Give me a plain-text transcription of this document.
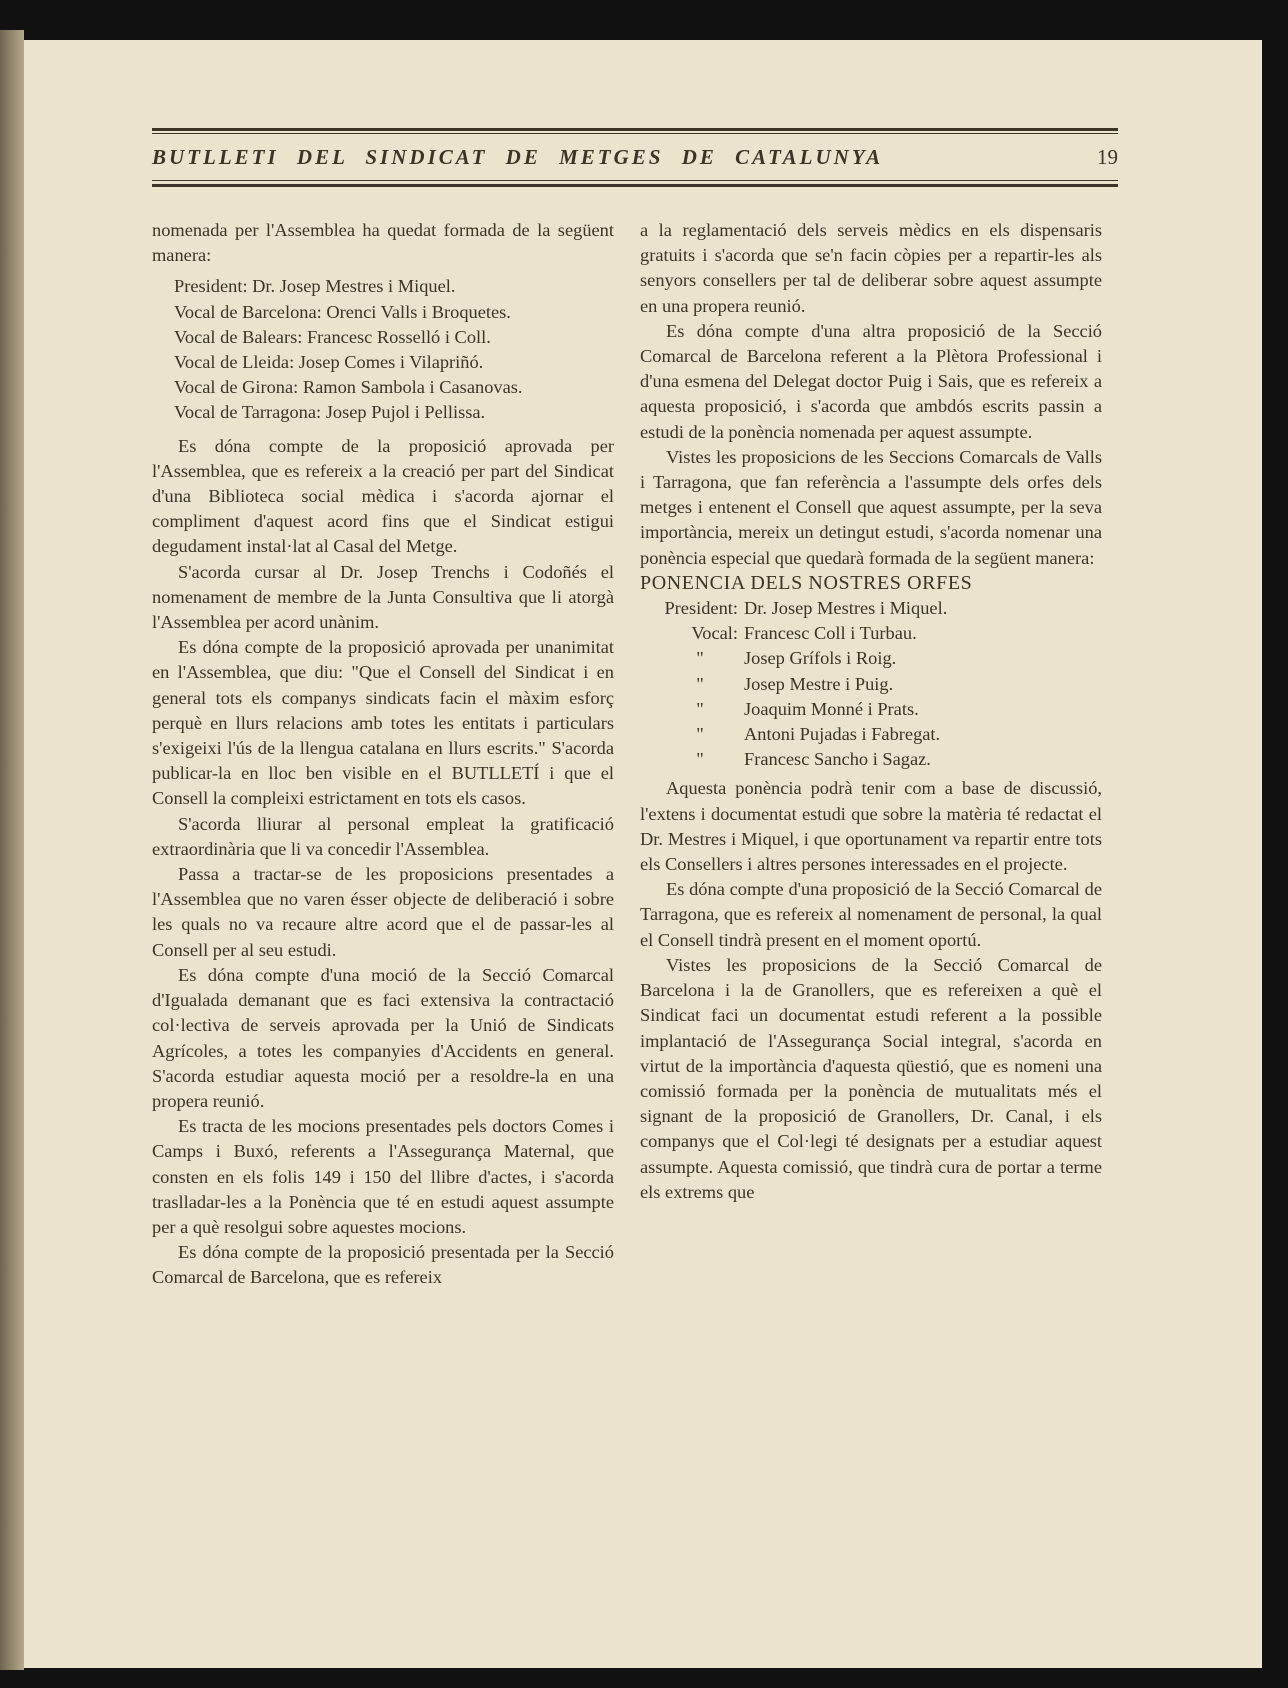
BUTLLETI DEL SINDICAT DE METGES DE CATALUNYA	19

nomenada per l'Assemblea ha quedat formada de la següent manera:

President: Dr. Josep Mestres i Miquel.
Vocal de Barcelona: Orenci Valls i Broquetes.
Vocal de Balears: Francesc Rosselló i Coll.
Vocal de Lleida: Josep Comes i Vilapriñó.
Vocal de Girona: Ramon Sambola i Casanovas.
Vocal de Tarragona: Josep Pujol i Pellissa.

Es dóna compte de la proposició aprovada per l'Assemblea, que es refereix a la creació per part del Sindicat d'una Biblioteca social mèdica i s'acorda ajornar el compliment d'aquest acord fins que el Sindicat estigui degudament instal·lat al Casal del Metge.

S'acorda cursar al Dr. Josep Trenchs i Codoñés el nomenament de membre de la Junta Consultiva que li atorgà l'Assemblea per acord unànim.

Es dóna compte de la proposició aprovada per unanimitat en l'Assemblea, que diu: "Que el Consell del Sindicat i en general tots els companys sindicats facin el màxim esforç perquè en llurs relacions amb totes les entitats i particulars s'exigeixi l'ús de la llengua catalana en llurs escrits." S'acorda publicar-la en lloc ben visible en el BUTLLETÍ i que el Consell la compleixi estrictament en tots els casos.

S'acorda lliurar al personal empleat la gratificació extraordinària que li va concedir l'Assemblea.

Passa a tractar-se de les proposicions presentades a l'Assemblea que no varen ésser objecte de deliberació i sobre les quals no va recaure altre acord que el de passar-les al Consell per al seu estudi.

Es dóna compte d'una moció de la Secció Comarcal d'Igualada demanant que es faci extensiva la contractació col·lectiva de serveis aprovada per la Unió de Sindicats Agrícoles, a totes les companyies d'Accidents en general. S'acorda estudiar aquesta moció per a resoldre-la en una propera reunió.

Es tracta de les mocions presentades pels doctors Comes i Camps i Buxó, referents a l'Assegurança Maternal, que consten en els folis 149 i 150 del llibre d'actes, i s'acorda traslladar-les a la Ponència que té en estudi aquest assumpte per a què resolgui sobre aquestes mocions.

Es dóna compte de la proposició presentada per la Secció Comarcal de Barcelona, que es refereix

a la reglamentació dels serveis mèdics en els dispensaris gratuits i s'acorda que se'n facin còpies per a repartir-les als senyors consellers per tal de deliberar sobre aquest assumpte en una propera reunió.

Es dóna compte d'una altra proposició de la Secció Comarcal de Barcelona referent a la Plètora Professional i d'una esmena del Delegat doctor Puig i Sais, que es refereix a aquesta proposició, i s'acorda que ambdós escrits passin a estudi de la ponència nomenada per aquest assumpte.

Vistes les proposicions de les Seccions Comarcals de Valls i Tarragona, que fan referència a l'assumpte dels orfes dels metges i entenent el Consell que aquest assumpte, per la seva importància, mereix un detingut estudi, s'acorda nomenar una ponència especial que quedarà formada de la següent manera:

PONENCIA DELS NOSTRES ORFES

President: Dr. Josep Mestres i Miquel.
Vocal: Francesc Coll i Turbau.
"	Josep Grífols i Roig.
"	Josep Mestre i Puig.
"	Joaquim Monné i Prats.
"	Antoni Pujadas i Fabregat.
"	Francesc Sancho i Sagaz.

Aquesta ponència podrà tenir com a base de discussió, l'extens i documentat estudi que sobre la matèria té redactat el Dr. Mestres i Miquel, i que oportunament va repartir entre tots els Consellers i altres persones interessades en el projecte.

Es dóna compte d'una proposició de la Secció Comarcal de Tarragona, que es refereix al nomenament de personal, la qual el Consell tindrà present en el moment oportú.

Vistes les proposicions de la Secció Comarcal de Barcelona i la de Granollers, que es refereixen a què el Sindicat faci un documentat estudi referent a la possible implantació de l'Assegurança Social integral, s'acorda en virtut de la importància d'aquesta qüestió, que es nomeni una comissió formada per la ponència de mutualitats més el signant de la proposició de Granollers, Dr. Canal, i els companys que el Col·legi té designats per a estudiar aquest assumpte. Aquesta comissió, que tindrà cura de portar a terme els extrems que
